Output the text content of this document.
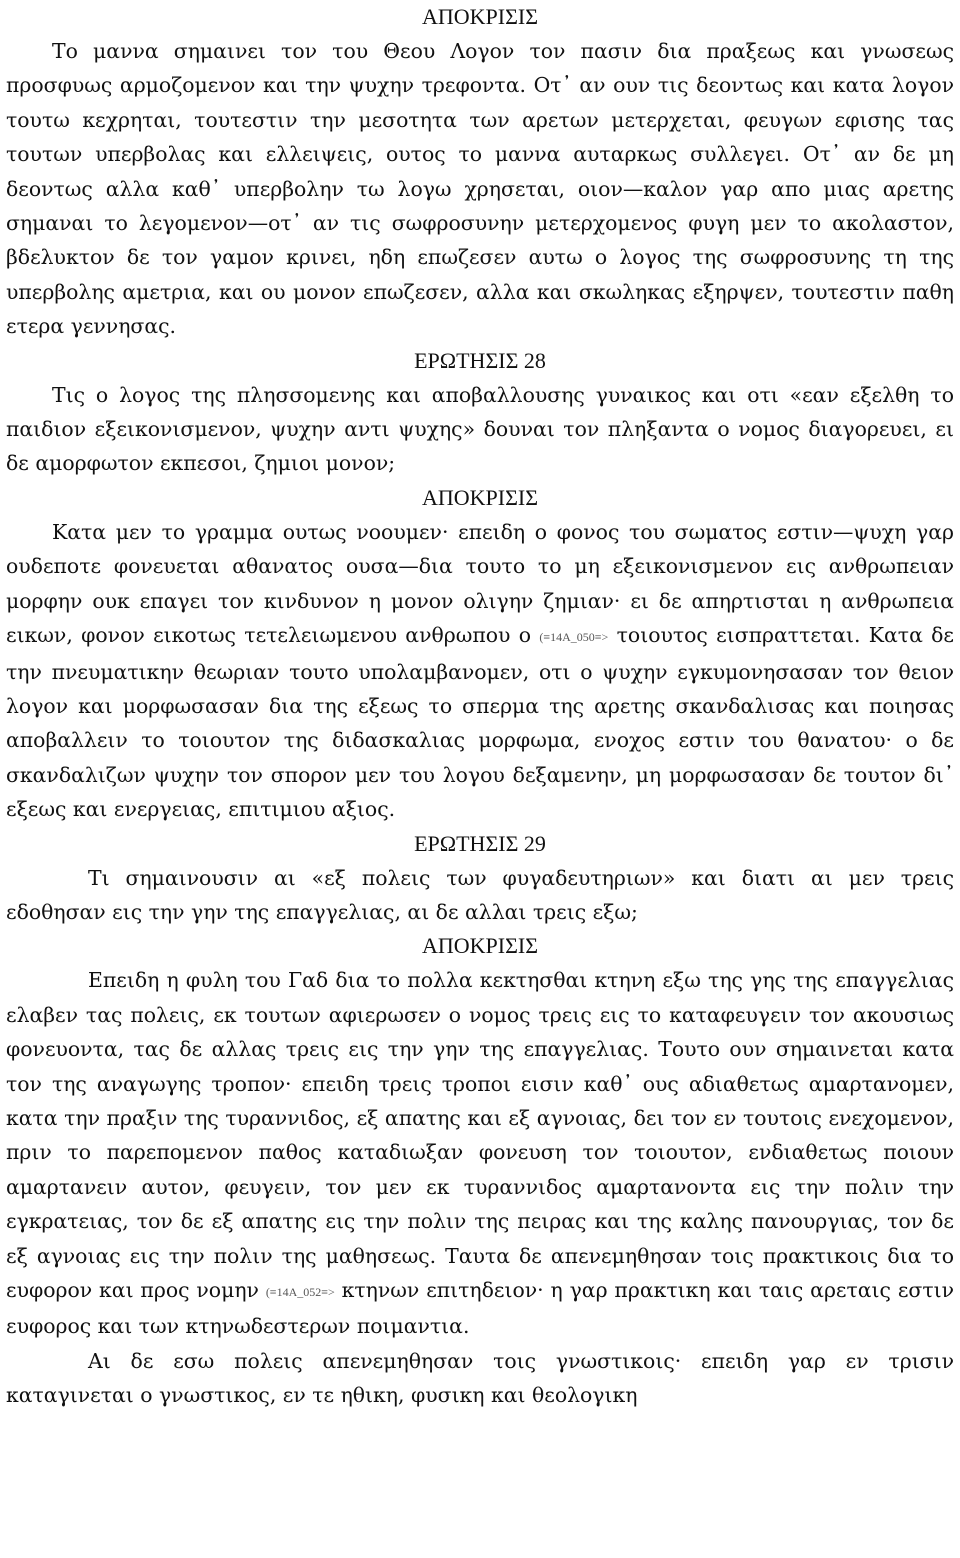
ΑΠΟΚΡΙΣΙΣ

Το μαννα σημαινει τον του Θεου Λογον τον πασιν δια πραξεως και γνωσεως προσφυως αρμοζομενον και την ψυχην τρεφοντα. Οτ᾽ αν ουν τις δεοντως και κατα λογον τουτω κεχρηται, τουτεστιν την μεσοτητα των αρετων μετερχεται, φευγων εφισης τας τουτων υπερβολας και ελλειψεις, ουτος το μαννα αυταρκως συλλεγει. Οτ᾽ αν δε μη δεοντως αλλα καθ᾽ υπερβολην τω λογω χρησεται, οιον—καλον γαρ απο μιας αρετης σημαναι το λεγομενον—οτ᾽ αν τις σωφροσυνην μετερχομενος φυγη μεν το ακολαστον, βδελυκτον δε τον γαμον κρινει, ηδη επωζεσεν αυτω ο λογος της σωφροσυνης τη της υπερβολης αμετρια, και ου μονον επωζεσεν, αλλα και σκωληκας εξηρψεν, τουτεστιν παθη ετερα γεννησας.

ΕΡΩΤΗΣΙΣ 28

Τις ο λογος της πλησσομενης και αποβαλλουσης γυναικος και οτι «εαν εξελθη το παιδιον εξεικονισμενον, ψυχην αντι ψυχης» δουναι τον πληξαντα ο νομος διαγορευει, ει δε αμορφωτον εκπεσοι, ζημιοι μονον;

ΑΠΟΚΡΙΣΙΣ

Κατα μεν το γραμμα ουτως νοουμεν· επειδη ο φονος του σωματος εστιν—ψυχη γαρ ουδεποτε φονευεται αθανατος ουσα—δια τουτο το μη εξεικονισμενον εις ανθρωπειαν μορφην ουκ επαγει τον κινδυνον η μονον ολιγην ζημιαν· ει δε απηρτισται η ανθρωπεια εικων, φονον εικοτως τετελειωμενου ανθρωπου ο (≡14A_050≡> τοιουτος εισπραττεται. Κατα δε την πνευματικην θεωριαν τουτο υπολαμβανομεν, οτι ο ψυχην εγκυμονησασαν τον θειον λογον και μορφωσασαν δια της εξεως το σπερμα της αρετης σκανδαλισας και ποιησας αποβαλλειν το τοιουτον της διδασκαλιας μορφωμα, ενοχος εστιν του θανατου· ο δε σκανδαλιζων ψυχην τον σπορον μεν του λογου δεξαμενην, μη μορφωσασαν δε τουτον δι᾽ εξεως και ενεργειας, επιτιμιου αξιος.

ΕΡΩΤΗΣΙΣ 29

Τι σημαινουσιν αι «εξ πολεις των φυγαδευτηριων» και διατι αι μεν τρεις εδοθησαν εις την γην της επαγγελιας, αι δε αλλαι τρεις εξω;

ΑΠΟΚΡΙΣΙΣ

Επειδη η φυλη του Γαδ δια το πολλα κεκτησθαι κτηνη εξω της γης της επαγγελιας ελαβεν τας πολεις, εκ τουτων αφιερωσεν ο νομος τρεις εις το καταφευγειν τον ακουσιως φονευοντα, τας δε αλλας τρεις εις την γην της επαγγελιας. Τουτο ουν σημαινεται κατα τον της αναγωγης τροπον· επειδη τρεις τροποι εισιν καθ᾽ ους αδιαθετως αμαρτανομεν, κατα την πραξιν της τυραννιδος, εξ απατης και εξ αγνοιας, δει τον εν τουτοις ενεχομενον, πριν το παρεπομενον παθος καταδιωξαν φονευση τον τοιουτον, ενδιαθετως ποιουν αμαρτανειν αυτον, φευγειν, τον μεν εκ τυραννιδος αμαρτανοντα εις την πολιν την εγκρατειας, τον δε εξ απατης εις την πολιν της πειρας και της καλης πανουργιας, τον δε εξ αγνοιας εις την πολιν της μαθησεως. Ταυτα δε απενεμηθησαν τοις πρακτικοις δια το ευφορον και προς νομην (≡14A_052≡> κτηνων επιτηδειον· η γαρ πρακτικη και ταις αρεταις εστιν ευφορος και των κτηνωδεστερων ποιμαντια.

Αι δε εσω πολεις απενεμηθησαν τοις γνωστικοις· επειδη γαρ εν τρισιν καταγινεται ο γνωστικος, εν τε ηθικη, φυσικη και θεολογικη
